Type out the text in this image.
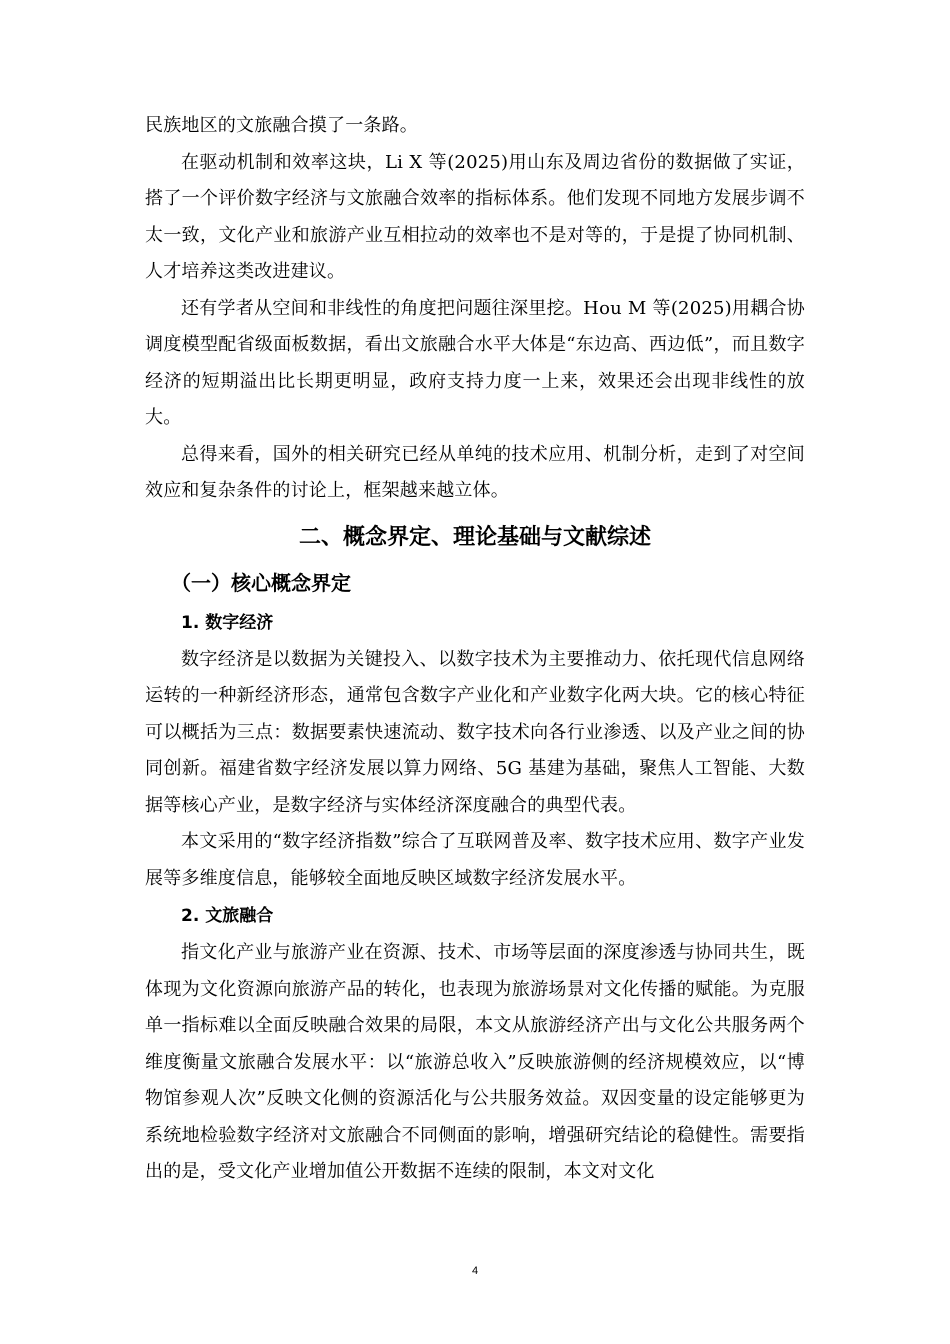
民族地区的文旅融合摸了一条路。

在驱动机制和效率这块，Li X 等(2025)用山东及周边省份的数据做了实证，搭了一个评价数字经济与文旅融合效率的指标体系。他们发现不同地方发展步调不太一致，文化产业和旅游产业互相拉动的效率也不是对等的，于是提了协同机制、人才培养这类改进建议。

还有学者从空间和非线性的角度把问题往深里挖。Hou M 等(2025)用耦合协调度模型配省级面板数据，看出文旅融合水平大体是“东边高、西边低”，而且数字经济的短期溢出比长期更明显，政府支持力度一上来，效果还会出现非线性的放大。

总得来看，国外的相关研究已经从单纯的技术应用、机制分析，走到了对空间效应和复杂条件的讨论上，框架越来越立体。

二、概念界定、理论基础与文献综述
（一）核心概念界定
1. 数字经济

数字经济是以数据为关键投入、以数字技术为主要推动力、依托现代信息网络运转的一种新经济形态，通常包含数字产业化和产业数字化两大块。它的核心特征可以概括为三点：数据要素快速流动、数字技术向各行业渗透、以及产业之间的协同创新。福建省数字经济发展以算力网络、5G 基建为基础，聚焦人工智能、大数据等核心产业，是数字经济与实体经济深度融合的典型代表。

本文采用的“数字经济指数”综合了互联网普及率、数字技术应用、数字产业发展等多维度信息，能够较全面地反映区域数字经济发展水平。

2. 文旅融合

指文化产业与旅游产业在资源、技术、市场等层面的深度渗透与协同共生，既体现为文化资源向旅游产品的转化，也表现为旅游场景对文化传播的赋能。为克服单一指标难以全面反映融合效果的局限，本文从旅游经济产出与文化公共服务两个维度衡量文旅融合发展水平：以“旅游总收入”反映旅游侧的经济规模效应，以“博物馆参观人次”反映文化侧的资源活化与公共服务效益。双因变量的设定能够更为系统地检验数字经济对文旅融合不同侧面的影响，增强研究结论的稳健性。需要指出的是，受文化产业增加值公开数据不连续的限制，本文对文化

4
